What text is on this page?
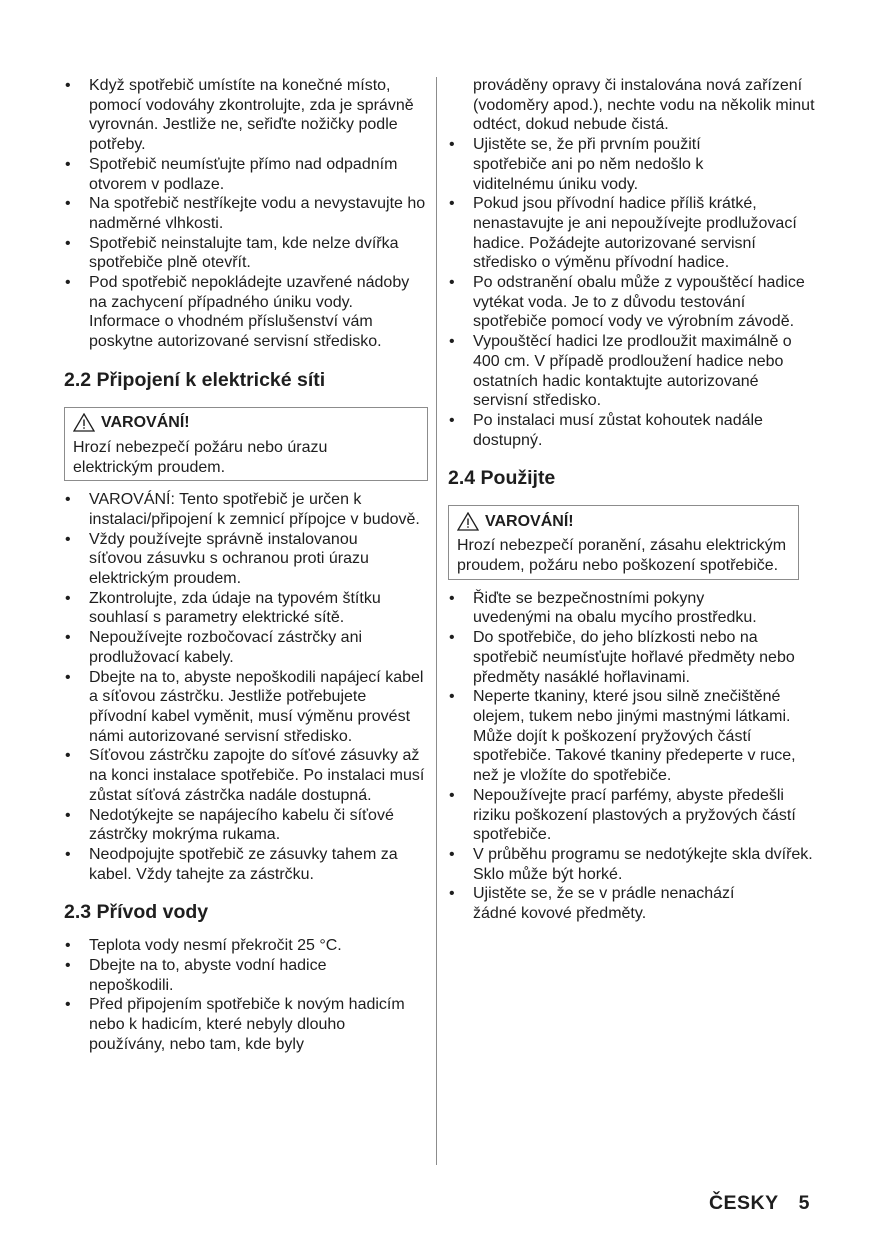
• Když spotřebič umístíte na konečné místo, pomocí vodováhy zkontrolujte, zda je správně vyrovnán. Jestliže ne, seřiďte nožičky podle potřeby.
• Spotřebič neumísťujte přímo nad odpadním otvorem v podlaze.
• Na spotřebič nestříkejte vodu a nevystavujte ho nadměrné vlhkosti.
• Spotřebič neinstalujte tam, kde nelze dvířka spotřebiče plně otevřít.
• Pod spotřebič nepokládejte uzavřené nádoby na zachycení případného úniku vody. Informace o vhodném příslušenství vám poskytne autorizované servisní středisko.
2.2 Připojení k elektrické síti
VAROVÁNÍ!
Hrozí nebezpečí požáru nebo úrazu elektrickým proudem.
• VAROVÁNÍ: Tento spotřebič je určen k instalaci/připojení k zemnicí přípojce v budově.
• Vždy používejte správně instalovanou síťovou zásuvku s ochranou proti úrazu elektrickým proudem.
• Zkontrolujte, zda údaje na typovém štítku souhlasí s parametry elektrické sítě.
• Nepoužívejte rozbočovací zástrčky ani prodlužovací kabely.
• Dbejte na to, abyste nepoškodili napájecí kabel a síťovou zástrčku. Jestliže potřebujete přívodní kabel vyměnit, musí výměnu provést námi autorizované servisní středisko.
• Síťovou zástrčku zapojte do síťové zásuvky až na konci instalace spotřebiče. Po instalaci musí zůstat síťová zástrčka nadále dostupná.
• Nedotýkejte se napájecího kabelu či síťové zástrčky mokrýma rukama.
• Neodpojujte spotřebič ze zásuvky tahem za kabel. Vždy tahejte za zástrčku.
2.3 Přívod vody
• Teplota vody nesmí překročit 25 °C.
• Dbejte na to, abyste vodní hadice nepoškodili.
• Před připojením spotřebiče k novým hadicím nebo k hadicím, které nebyly dlouho používány, nebo tam, kde byly

prováděny opravy či instalována nová zařízení (vodoměry apod.), nechte vodu na několik minut odtéct, dokud nebude čistá.

• Ujistěte se, že při prvním použití spotřebiče ani po něm nedošlo k viditelnému úniku vody.
• Pokud jsou přívodní hadice příliš krátké, nenastavujte je ani nepoužívejte prodlužovací hadice. Požádejte autorizované servisní středisko o výměnu přívodní hadice.
• Po odstranění obalu může z vypouštěcí hadice vytékat voda. Je to z důvodu testování spotřebiče pomocí vody ve výrobním závodě.
• Vypouštěcí hadici lze prodloužit maximálně o 400 cm. V případě prodloužení hadice nebo ostatních hadic kontaktujte autorizované servisní středisko.
• Po instalaci musí zůstat kohoutek nadále dostupný.
2.4 Použijte
VAROVÁNÍ!
Hrozí nebezpečí poranění, zásahu elektrickým proudem, požáru nebo poškození spotřebiče.
• Řiďte se bezpečnostními pokyny uvedenými na obalu mycího prostředku.
• Do spotřebiče, do jeho blízkosti nebo na spotřebič neumísťujte hořlavé předměty nebo předměty nasáklé hořlavinami.
• Neperte tkaniny, které jsou silně znečištěné olejem, tukem nebo jinými mastnými látkami. Může dojít k poškození pryžových částí spotřebiče. Takové tkaniny předeperte v ruce, než je vložíte do spotřebiče.
• Nepoužívejte prací parfémy, abyste předešli riziku poškození plastových a pryžových částí spotřebiče.
• V průběhu programu se nedotýkejte skla dvířek. Sklo může být horké.
• Ujistěte se, že se v prádle nenachází žádné kovové předměty.
ČESKY 5
